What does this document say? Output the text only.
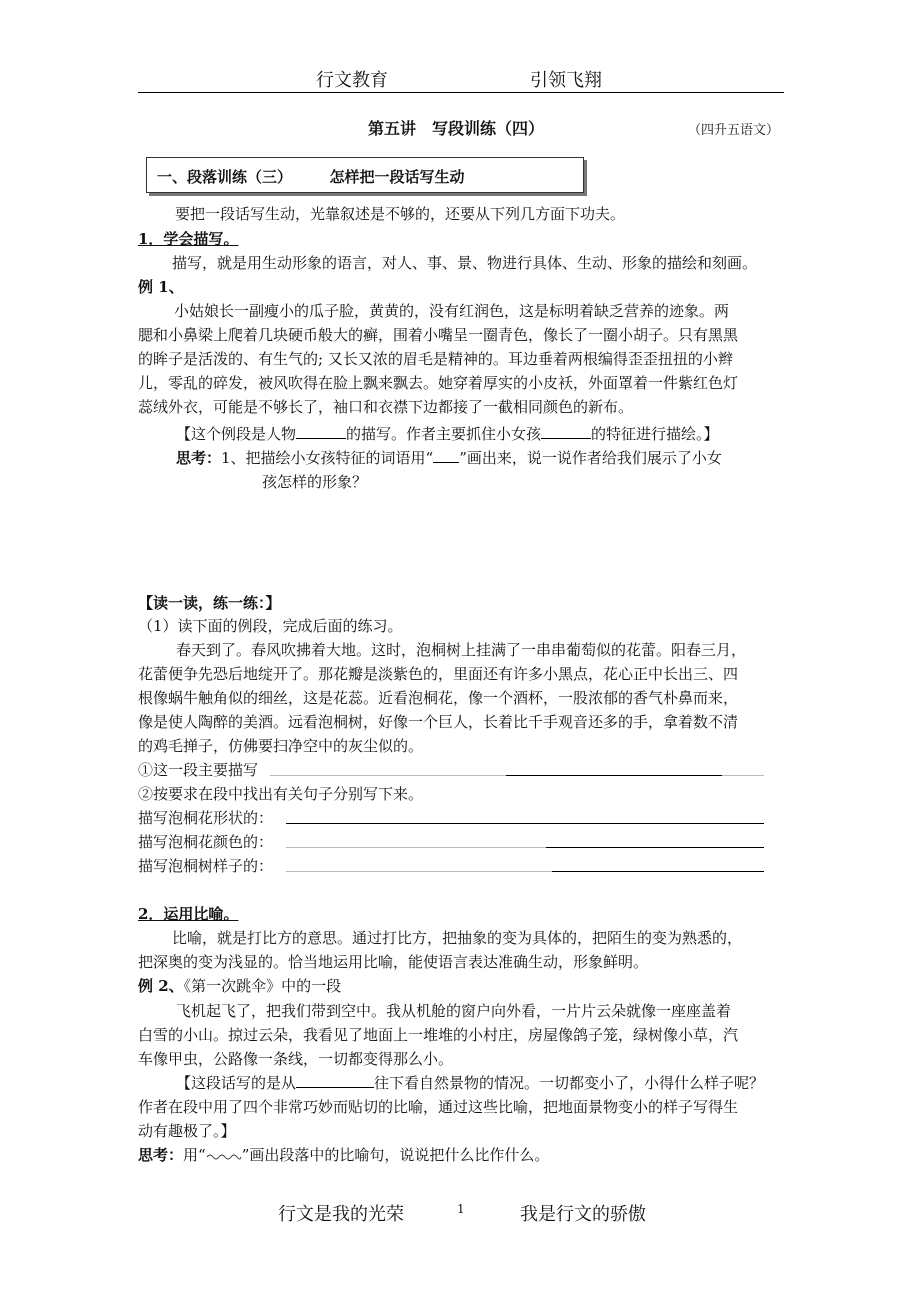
行文教育	引领飞翔
第五讲　写段训练（四）	（四升五语文）
一、段落训练（三）　　　怎样把一段话写生动
要把一段话写生动，光靠叙述是不够的，还要从下列几方面下功夫。
1．学会描写。
描写，就是用生动形象的语言，对人、事、景、物进行具体、生动、形象的描绘和刻画。
例 1、
小姑娘长一副瘦小的瓜子脸，黄黄的，没有红润色，这是标明着缺乏营养的迹象。两
腮和小鼻梁上爬着几块硬币般大的癣，围着小嘴呈一圈青色，像长了一圈小胡子。只有黑黑
的眸子是活泼的、有生气的; 又长又浓的眉毛是精神的。耳边垂着两根编得歪歪扭扭的小辫
儿，零乱的碎发，被风吹得在脸上飘来飘去。她穿着厚实的小皮袄，外面罩着一件紫红色灯
蕊绒外衣，可能是不够长了，袖口和衣襟下边都接了一截相同颜色的新布。
【这个例段是人物	的描写。作者主要抓住小女孩	的特征进行描绘。】
思考：1、把描绘小女孩特征的词语用“ ”画出来，说一说作者给我们展示了小女
孩怎样的形象？
【读一读，练一练：】
（1）读下面的例段，完成后面的练习。
春天到了。春风吹拂着大地。这时，泡桐树上挂满了一串串葡萄似的花蕾。阳春三月，
花蕾便争先恐后地绽开了。那花瓣是淡紫色的，里面还有许多小黑点，花心正中长出三、四
根像蜗牛触角似的细丝，这是花蕊。近看泡桐花，像一个酒杯，一股浓郁的香气朴鼻而来，
像是使人陶醉的美酒。远看泡桐树，好像一个巨人，长着比千手观音还多的手，拿着数不清
的鸡毛掸子，仿佛要扫净空中的灰尘似的。
①这一段主要描写
②按要求在段中找出有关句子分别写下来。
描写泡桐花形状的：
描写泡桐花颜色的：
描写泡桐树样子的：
2．运用比喻。
比喻，就是打比方的意思。通过打比方，把抽象的变为具体的，把陌生的变为熟悉的，
把深奥的变为浅显的。恰当地运用比喻，能使语言表达准确生动，形象鲜明。
例 2、《第一次跳伞》中的一段
飞机起飞了，把我们带到空中。我从机舱的窗户向外看，一片片云朵就像一座座盖着
白雪的小山。掠过云朵，我看见了地面上一堆堆的小村庄，房屋像鸽子笼，绿树像小草，汽
车像甲虫，公路像一条线，一切都变得那么小。
【这段话写的是从	往下看自然景物的情况。一切都变小了，小得什么样子呢？
作者在段中用了四个非常巧妙而贴切的比喻，通过这些比喻，把地面景物变小的样子写得生
动有趣极了。】
思考：用“ ”画出段落中的比喻句，说说把什么比作什么。
行文是我的光荣	1	我是行文的骄傲
